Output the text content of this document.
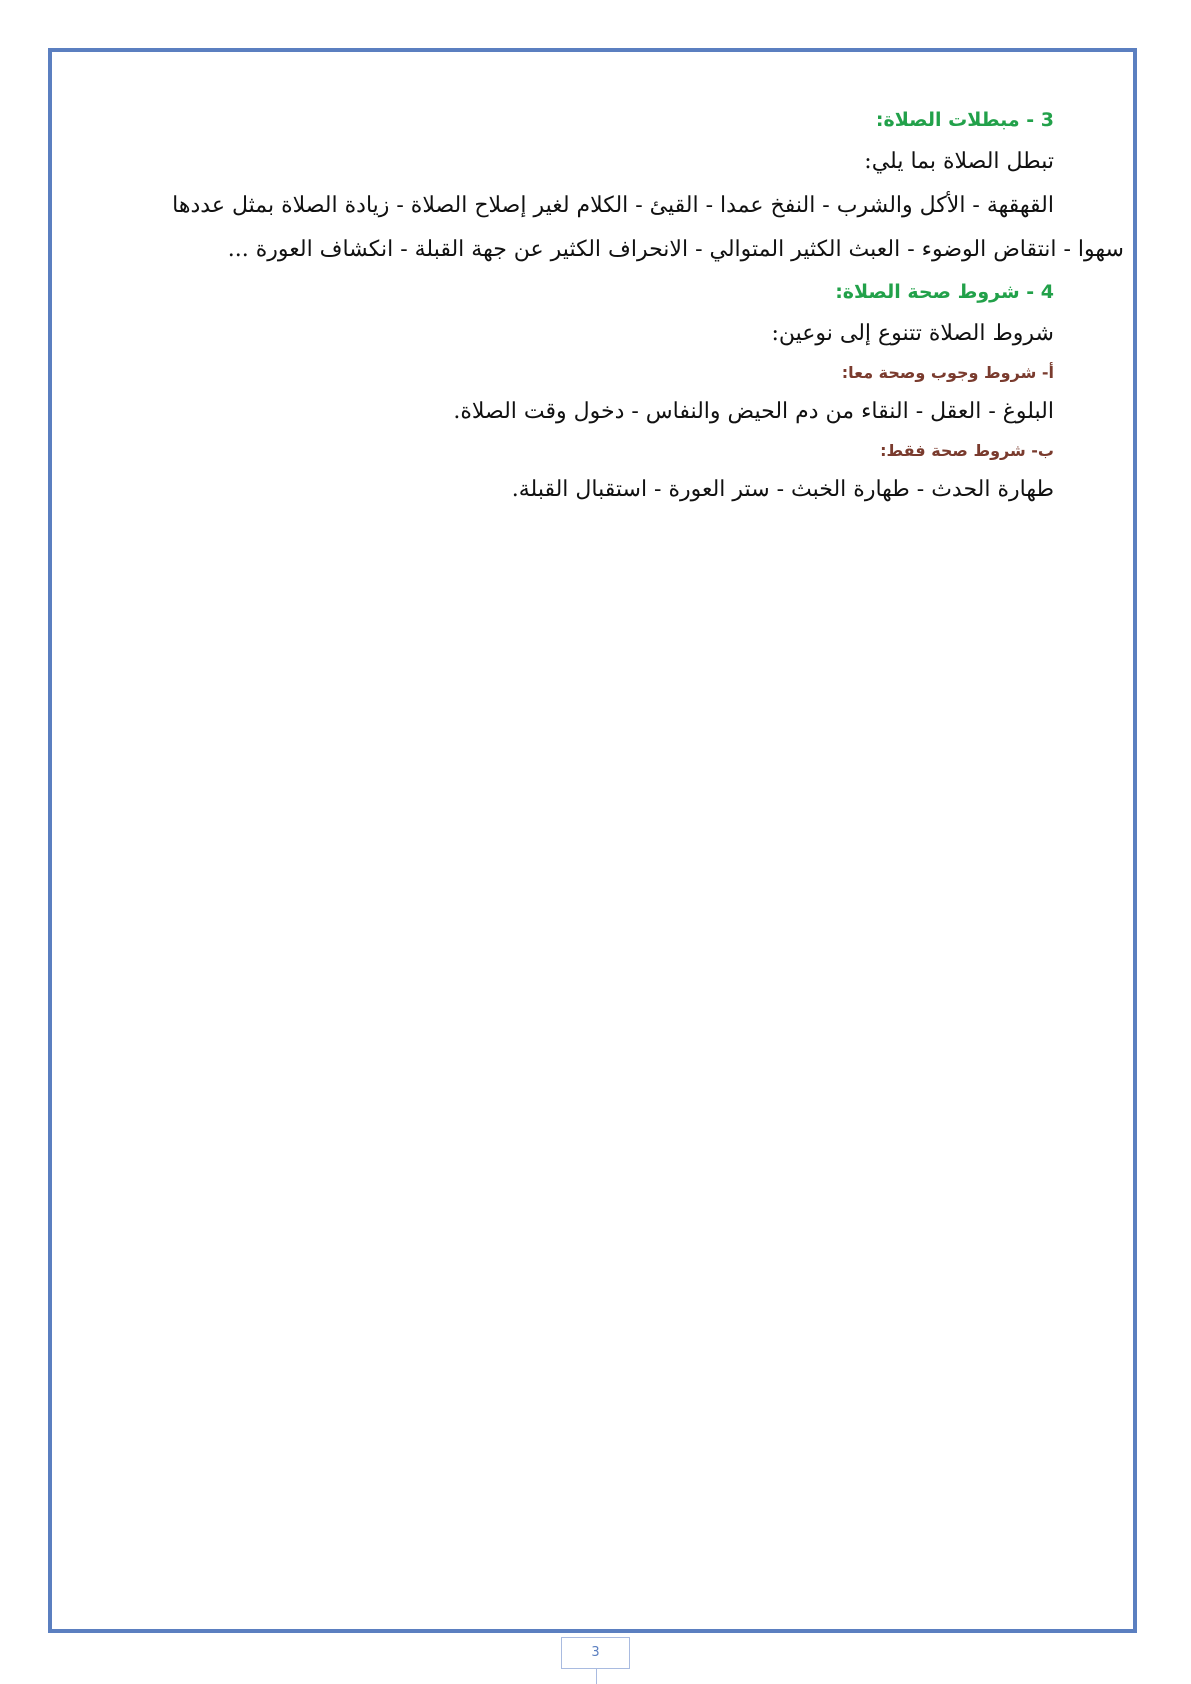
3 - مبطلات الصلاة:
تبطل الصلاة بما يلي:
القهقهة - الأكل والشرب - النفخ عمدا - القيئ - الكلام لغير إصلاح الصلاة - زيادة الصلاة بمثل عددها
سهوا - انتقاض الوضوء - العبث الكثير المتوالي - الانحراف الكثير عن جهة القبلة - انكشاف العورة ...
4 - شروط صحة الصلاة:
شروط الصلاة تتنوع إلى نوعين:
أ- شروط وجوب وصحة معا:
البلوغ - العقل - النقاء من دم الحيض والنفاس - دخول وقت الصلاة.
ب- شروط صحة فقط:
طهارة الحدث - طهارة الخبث - ستر العورة - استقبال القبلة.
3
